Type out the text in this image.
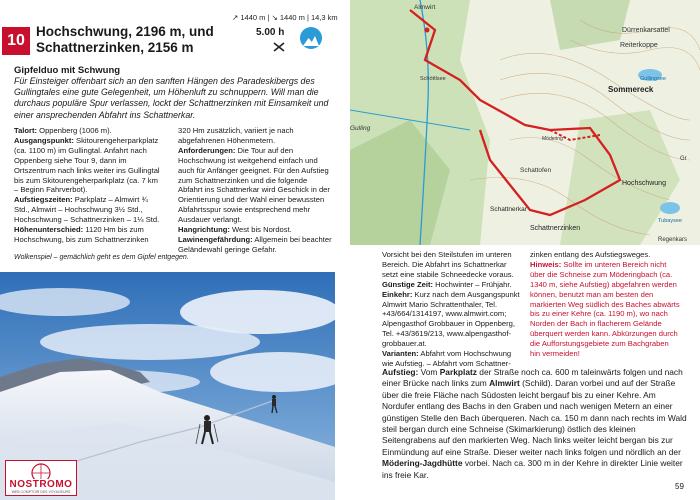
10
↗ 1440 m | ↘ 1440 m | 14,3 km
Hochschwung, 2196 m, und
Schattnerzinken, 2156 m
5.00 h
Gipfelduo mit Schwung

Für Einsteiger offenbart sich an den sanften Hängen des Paradeskibergs des Gullingtales eine gute Gelegenheit, um Höhenluft zu schnuppern. Will man die durchaus populäre Spur verlassen, lockt der Schattnerzinken mit Einsamkeit und einer ansprechenden Abfahrt ins Schattnerkar.

Talort: Oppenberg (1006 m).
Ausgangspunkt: Skitourengeherparkplatz (ca. 1100 m) im Gullingtal. Anfahrt nach Oppenberg siehe Tour 9, dann im Ortszentrum nach links weiter ins Gullingtal bis zum Skitourengeherparkplatz (ca. 7 km – Beginn Fahrverbot).
Aufstiegszeiten: Parkplatz – Almwirt ¾ Std., Almwirt – Hochschwung 3½ Std., Hochschwung – Schattnerzinken – 1¼ Std.
Höhenunterschied: 1120 Hm bis zum Hochschwung, bis zum Schattnerzinken

320 Hm zusätzlich, variiert je nach abgefahrenen Höhenmetern.
Anforderungen: Die Tour auf den Hochschwung ist weitgehend einfach und auch für Anfänger geeignet. Für den Aufstieg zum Schattnerzinken und die folgende Abfahrt ins Schattnerkar wird Geschick in der Orientierung und der Wahl einer bewussten Abfahrtsspur sowie entsprechend mehr Ausdauer verlangt.
Hangrichtung: West bis Nordost.
Lawinengefährdung: Allgemein bei beachter Geländewahl geringe Gefahr.

Wolkenspiel – gemächlich geht es dem Gipfel entgegen.
NOSTROMO
WEB COMPTOIR DES VOYAGEURS
Almwirt
Dürrenkarsattel
Reiterkoppe
Sommereck
Gullingsee
Schattofen
Hochschwung
Schattnerkar
Schattnerzinken
Tubaysee
Regenkars
Mödering
Gulling
Schöttlsee
Gr

Vorsicht bei den Steilstufen im unteren Bereich. Die Abfahrt ins Schattnerkar setzt eine stabile Schneedecke voraus.
Günstige Zeit: Hochwinter – Frühjahr.
Einkehr: Kurz nach dem Ausgangspunkt Almwirt Mario Schrattenthaler, Tel. +43/664/1314197, www.almwirt.com; Alpengasthof Grobbauer in Oppenberg, Tel. +43/3619/213, www.alpengasthof-grobbauer.at.
Varianten: Abfahrt vom Hochschwung wie Aufstieg. – Abfahrt vom Schattner-

zinken entlang des Aufstiegsweges.
Hinweis: Sollte im unteren Bereich nicht über die Schneise zum Möderingbach (ca. 1340 m, siehe Aufstieg) abgefahren werden können, benutzt man am besten den markierten Weg südlich des Baches abwärts bis zu einer Kehre (ca. 1190 m), wo nach Norden der Bach in flacherem Gelände überquert werden kann. Abkürzungen durch die Aufforstungsgebiete zum Bachgraben hin vermeiden!

Aufstieg: Vom Parkplatz der Straße noch ca. 600 m taleinwärts folgen und nach einer Brücke nach links zum Almwirt (Schild). Daran vorbei und auf der Straße über die freie Fläche nach Südosten leicht bergauf bis zu einer Kehre. Am Nordufer entlang des Bachs in den Graben und nach wenigen Metern an einer günstigen Stelle den Bach überqueren. Nach ca. 150 m dann nach rechts im Wald steil bergan durch eine Schneise (Skimarkierung) östlich des kleinen Seitengrabens auf den markierten Weg. Nach links weiter leicht bergan bis zur Einmündung auf eine Straße. Dieser weiter nach links folgen und nördlich an der Mödering-Jagdhütte vorbei. Nach ca. 300 m in der Kehre in direkter Linie weiter ins freie Kar.

59
